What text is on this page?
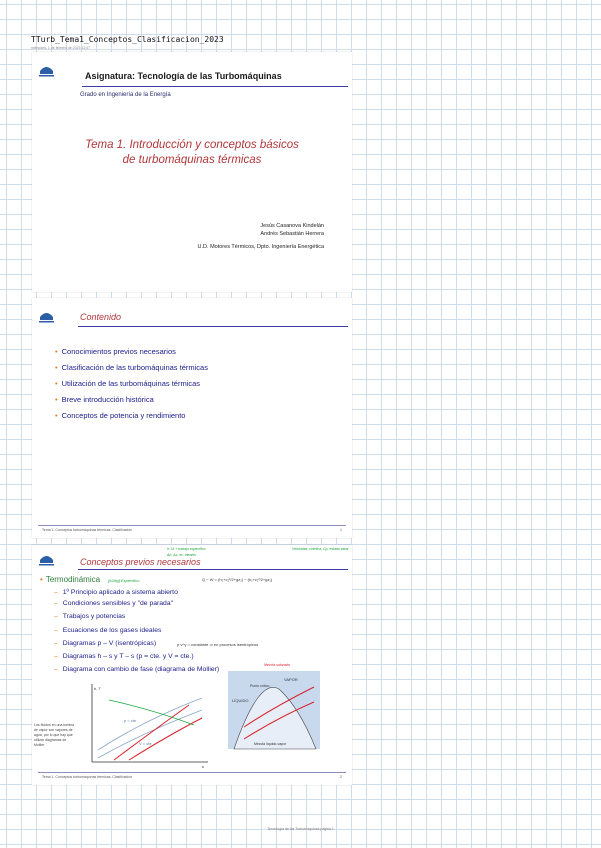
TTurb_Tema1_Conceptos_Clasificacion_2023
miércoles, 1 de febrero de 2023 12:07
Asignatura: Tecnología de las Turbomáquinas
Grado en Ingeniería de la Energía
Tema 1. Introducción y conceptos básicos
de turbomáquinas térmicas
Jesús Casanova Kindelán
Andrés Sebastián Herrera
U.D. Motores Térmicos, Dpto. Ingeniería Energética
Contenido
• Conocimientos previos necesarios
• Clasificación de las turbomáquinas térmicas
• Utilización de las turbomáquinas térmicas
• Breve introducción histórica
• Conceptos de potencia y rendimiento
Tema 1. Conceptos turbomáquinas térmicas. Clasificación	1
h: Ui + trabajo específico
Δh, Δs, ec. ideales
Velocidad, cinética, Cp, estado ideal
Conceptos previos necesarios
• Termodinámica [kJ/kg] Específico	Q − W = (h₂+c₂²/2+gz₂) − (h₁+c₁²/2+gz₁)
– 1º Principio aplicado a sistema abierto
– Condiciones sensibles y "de parada"
– Trabajos y potencias
– Ecuaciones de los gases ideales
– Diagramas p – V (isentrópicas)	p·v^γ = constante ⇒ en procesos isentrópicos
– Diagramas h – s y T – s (p = cte. y V = cte.)
– Diagrama con cambio de fase (diagrama de Mollier)
Mezcla saturada
h, T
s
p = cte
V = cte
VAPOR
LÍQUIDO
Punto crítico
Mezcla líquido-vapor
Los fluidos en una turbina de vapor son vapores de agua, por lo que hay que utilizar diagramas de Mollier
Tema 1. Conceptos turbomáquinas térmicas. Clasificación	2
Tecnología de las Turbomáquinas página 1
